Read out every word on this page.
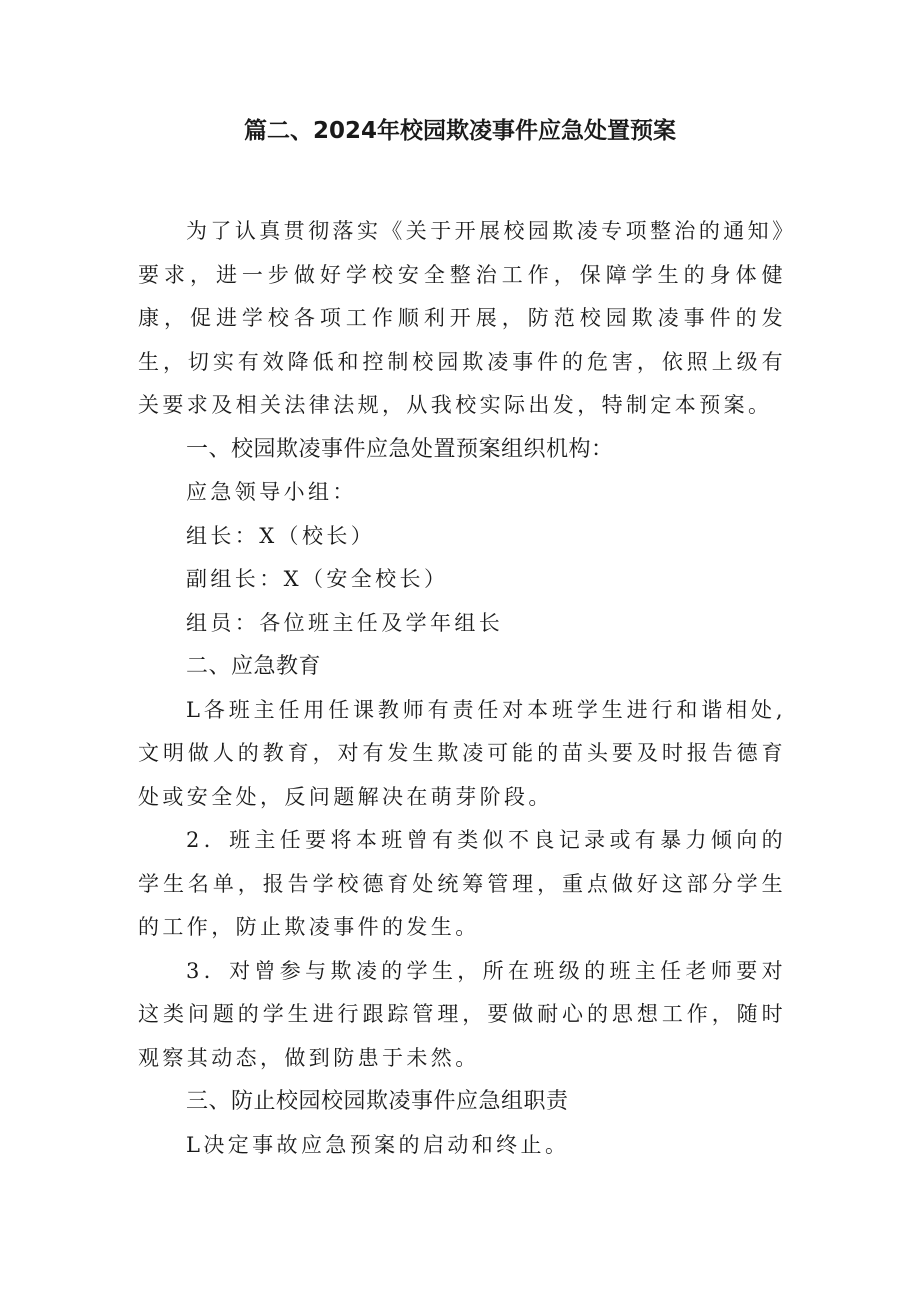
篇二、2024年校园欺凌事件应急处置预案

为了认真贯彻落实《关于开展校园欺凌专项整治的通知》要求，进一步做好学校安全整治工作，保障学生的身体健康，促进学校各项工作顺利开展，防范校园欺凌事件的发生，切实有效降低和控制校园欺凌事件的危害，依照上级有关要求及相关法律法规，从我校实际出发，特制定本预案。

一、校园欺凌事件应急处置预案组织机构：
应急领导小组：
组长：X（校长）
副组长：X（安全校长）
组员：各位班主任及学年组长
二、应急教育

L各班主任用任课教师有责任对本班学生进行和谐相处,文明做人的教育，对有发生欺凌可能的苗头要及时报告德育处或安全处，反问题解决在萌芽阶段。

2．班主任要将本班曾有类似不良记录或有暴力倾向的学生名单，报告学校德育处统筹管理，重点做好这部分学生的工作，防止欺凌事件的发生。

3．对曾参与欺凌的学生，所在班级的班主任老师要对这类问题的学生进行跟踪管理，要做耐心的思想工作，随时观察其动态，做到防患于未然。

三、防止校园校园欺凌事件应急组职责

L决定事故应急预案的启动和终止。
